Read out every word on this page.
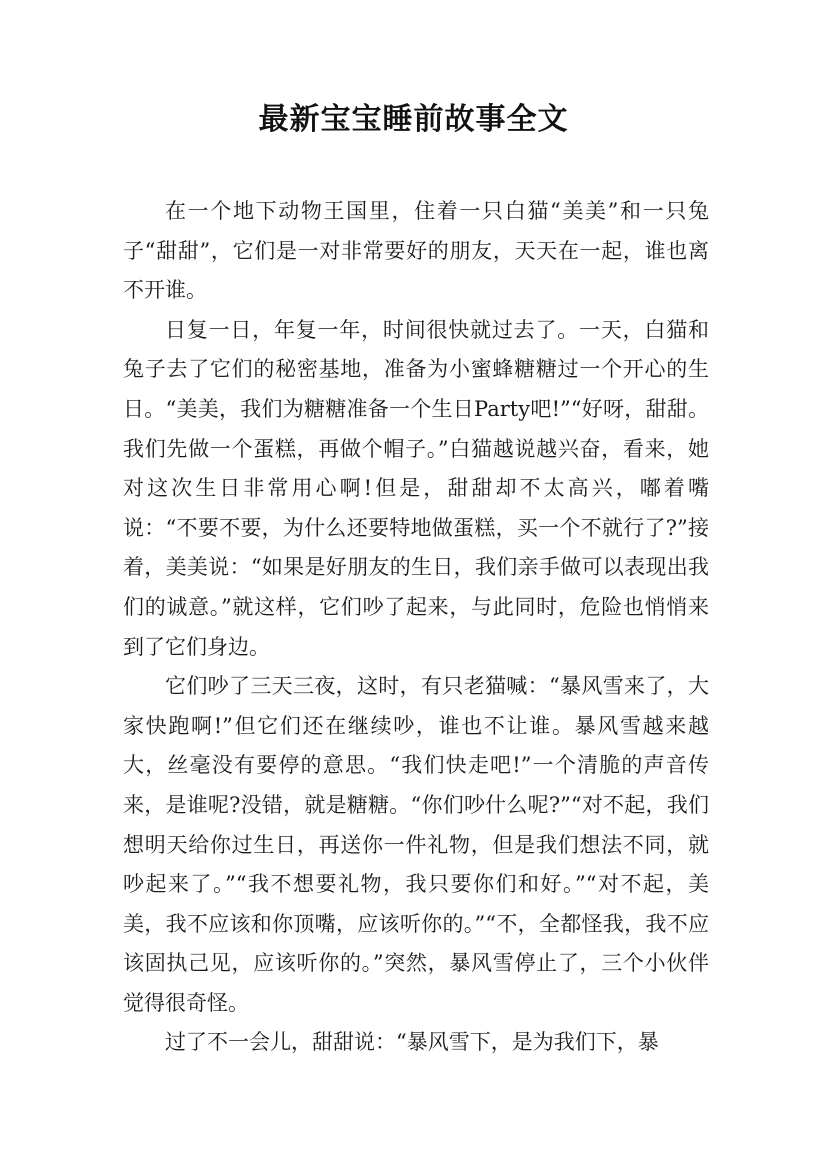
最新宝宝睡前故事全文

在一个地下动物王国里，住着一只白猫“美美”和一只兔子“甜甜”，它们是一对非常要好的朋友，天天在一起，谁也离不开谁。

日复一日，年复一年，时间很快就过去了。一天，白猫和兔子去了它们的秘密基地，准备为小蜜蜂糖糖过一个开心的生日。“美美，我们为糖糖准备一个生日Party吧!”“好呀，甜甜。我们先做一个蛋糕，再做个帽子。”白猫越说越兴奋，看来，她对这次生日非常用心啊!但是，甜甜却不太高兴，嘟着嘴说：“不要不要，为什么还要特地做蛋糕，买一个不就行了?”接着，美美说：“如果是好朋友的生日，我们亲手做可以表现出我们的诚意。”就这样，它们吵了起来，与此同时，危险也悄悄来到了它们身边。

它们吵了三天三夜，这时，有只老猫喊：“暴风雪来了，大家快跑啊!”但它们还在继续吵，谁也不让谁。暴风雪越来越大，丝毫没有要停的意思。“我们快走吧!”一个清脆的声音传来，是谁呢?没错，就是糖糖。“你们吵什么呢?”“对不起，我们想明天给你过生日，再送你一件礼物，但是我们想法不同，就吵起来了。”“我不想要礼物，我只要你们和好。”“对不起，美美，我不应该和你顶嘴，应该听你的。”“不，全都怪我，我不应该固执己见，应该听你的。”突然，暴风雪停止了，三个小伙伴觉得很奇怪。

过了不一会儿，甜甜说：“暴风雪下，是为我们下，暴
